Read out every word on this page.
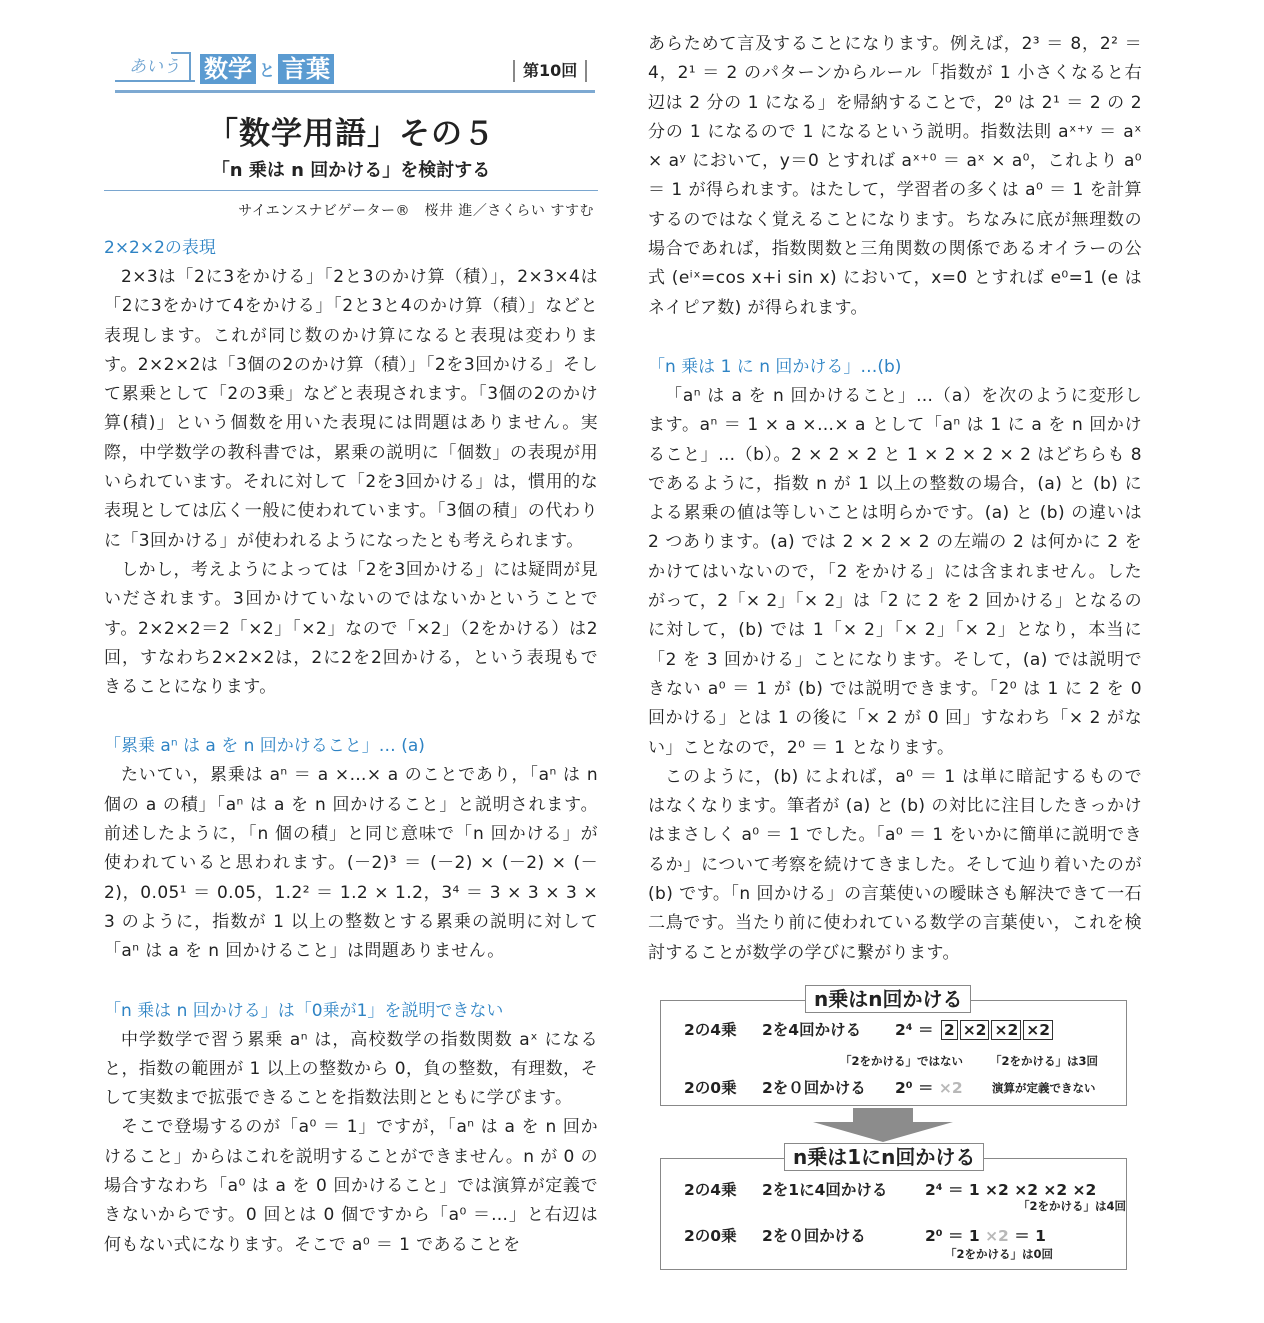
あいう 数学 と 言葉	第10回
「数学用語」その５
「n 乗は n 回かける」を検討する
サイエンスナビゲーター®　桜井 進／さくらい すすむ

2×2×2の表現

2×3は「2に3をかける」「2と3のかけ算（積）」，2×3×4は「2に3をかけて4をかける」「2と3と4のかけ算（積）」などと表現します。これが同じ数のかけ算になると表現は変わります。2×2×2は「3個の2のかけ算（積）」「2を3回かける」そして累乗として「2の3乗」などと表現されます。「3個の2のかけ算(積)」という個数を用いた表現には問題はありません。実際，中学数学の教科書では，累乗の説明に「個数」の表現が用いられています。それに対して「2を3回かける」は，慣用的な表現としては広く一般に使われています。「3個の積」の代わりに「3回かける」が使われるようになったとも考えられます。

しかし，考えようによっては「2を3回かける」には疑問が見いだされます。3回かけていないのではないかということです。2×2×2＝2「×2」「×2」なので「×2」（2をかける）は2回，すなわち2×2×2は，2に2を2回かける，という表現もできることになります。

「累乗 aⁿ は a を n 回かけること」… (a)

たいてい，累乗は aⁿ ＝ a ×…× a のことであり，「aⁿ は n 個の a の積」「aⁿ は a を n 回かけること」と説明されます。前述したように，「n 個の積」と同じ意味で「n 回かける」が使われていると思われます。(－2)³ ＝ (－2) × (－2) × (－2)，0.05¹ ＝ 0.05，1.2² ＝ 1.2 × 1.2，3⁴ ＝ 3 × 3 × 3 × 3 のように，指数が 1 以上の整数とする累乗の説明に対して「aⁿ は a を n 回かけること」は問題ありません。

「n 乗は n 回かける」は「0乗が1」を説明できない

中学数学で習う累乗 aⁿ は，高校数学の指数関数 aˣ になると，指数の範囲が 1 以上の整数から 0，負の整数，有理数，そして実数まで拡張できることを指数法則とともに学びます。

そこで登場するのが「a⁰ ＝ 1」ですが，「aⁿ は a を n 回かけること」からはこれを説明することができません。n が 0 の場合すなわち「a⁰ は a を 0 回かけること」では演算が定義できないからです。0 回とは 0 個ですから「a⁰ ＝…」と右辺は何もない式になります。そこで a⁰ ＝ 1 であることを

あらためて言及することになります。例えば，2³ ＝ 8，2² ＝ 4，2¹ ＝ 2 のパターンからルール「指数が 1 小さくなると右辺は 2 分の 1 になる」を帰納することで，2⁰ は 2¹ ＝ 2 の 2 分の 1 になるので 1 になるという説明。指数法則 aˣ⁺ʸ ＝ aˣ × aʸ において，y＝0 とすれば aˣ⁺⁰ ＝ aˣ × a⁰，これより a⁰ ＝ 1 が得られます。はたして，学習者の多くは a⁰ ＝ 1 を計算するのではなく覚えることになります。ちなみに底が無理数の場合であれば，指数関数と三角関数の関係であるオイラーの公式 (eⁱˣ=cos x+i sin x) において，x=0 とすれば e⁰=1 (e はネイピア数) が得られます。

「n 乗は 1 に n 回かける」…(b)

「aⁿ は a を n 回かけること」…（a）を次のように変形します。aⁿ ＝ 1 × a ×…× a として「aⁿ は 1 に a を n 回かけること」…（b）。2 × 2 × 2 と 1 × 2 × 2 × 2 はどちらも 8 であるように，指数 n が 1 以上の整数の場合，(a) と (b) による累乗の値は等しいことは明らかです。(a) と (b) の違いは 2 つあります。(a) では 2 × 2 × 2 の左端の 2 は何かに 2 をかけてはいないので，「2 をかける」には含まれません。したがって，2「× 2」「× 2」は「2 に 2 を 2 回かける」となるのに対して，(b) では 1「× 2」「× 2」「× 2」となり，本当に「2 を 3 回かける」ことになります。そして，(a) では説明できない a⁰ ＝ 1 が (b) では説明できます。「2⁰ は 1 に 2 を 0 回かける」とは 1 の後に「× 2 が 0 回」すなわち「× 2 がない」ことなので，2⁰ ＝ 1 となります。

このように，(b) によれば，a⁰ ＝ 1 は単に暗記するものではなくなります。筆者が (a) と (b) の対比に注目したきっかけはまさしく a⁰ ＝ 1 でした。「a⁰ ＝ 1 をいかに簡単に説明できるか」について考察を続けてきました。そして辿り着いたのが (b) です。「n 回かける」の言葉使いの曖昧さも解決できて一石二鳥です。当たり前に使われている数学の言葉使い，これを検討することが数学の学びに繋がります。

n乗はn回かける
2の4乗 2を4回かける 2⁴ ＝ 2 ×2 ×2 ×2
「2をかける」ではない 「2をかける」は3回
2の0乗 2を０回かける 2⁰ ＝ ×2	演算が定義できない
n乗は1にn回かける
2の4乗 2を1に4回かける 2⁴ ＝ 1 ×2 ×2 ×2 ×2
「2をかける」は4回
2の0乗 2を０回かける	2⁰ ＝ 1 ×2 ＝ 1
「2をかける」は0回
